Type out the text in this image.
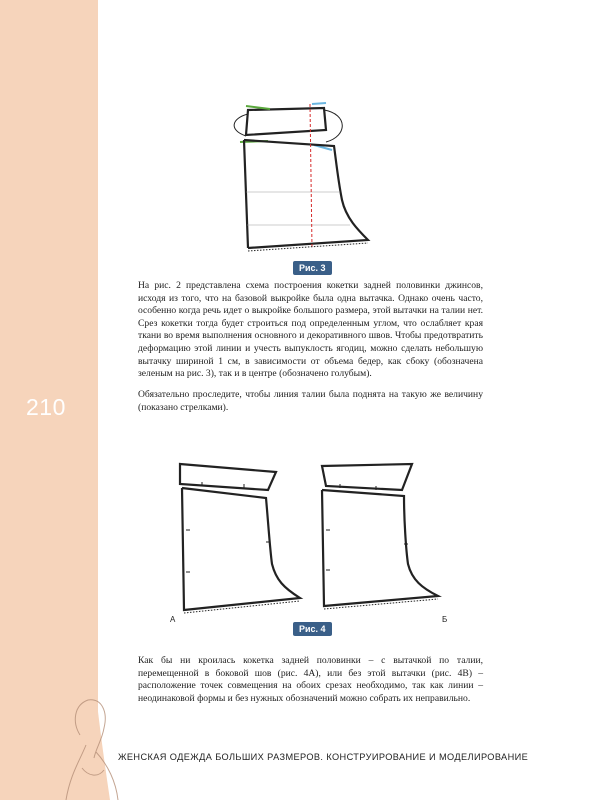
210
Рис. 3

На рис. 2 представлена схема построения кокетки задней половинки джинсов, исходя из того, что на базовой выкройке была одна вытачка. Однако очень часто, особенно когда речь идет о выкройке большого размера, этой вытачки на талии нет. Срез кокетки тогда будет строиться под определенным углом, что ослабляет края ткани во время выполнения основного и декоративного швов. Чтобы предотвратить деформацию этой линии и учесть выпуклость ягодиц, можно сделать небольшую вытачку шириной 1 см, в зависимости от объема бедер, как сбоку (обозначена зеленым на рис. 3), так и в центре (обозначено голубым).

Обязательно проследите, чтобы линия талии была поднята на такую же величину (показано стрелками).

А	Б
Рис. 4

Как бы ни кроилась кокетка задней половинки – с вытачкой по талии, перемещенной в боковой шов (рис. 4А), или без этой вытачки (рис. 4В) – расположение точек совмещения на обоих срезах необходимо, так как линии – неодинаковой формы и без нужных обозначений можно собрать их неправильно.

ЖЕНСКАЯ ОДЕЖДА БОЛЬШИХ РАЗМЕРОВ. КОНСТРУИРОВАНИЕ И МОДЕЛИРОВАНИЕ
